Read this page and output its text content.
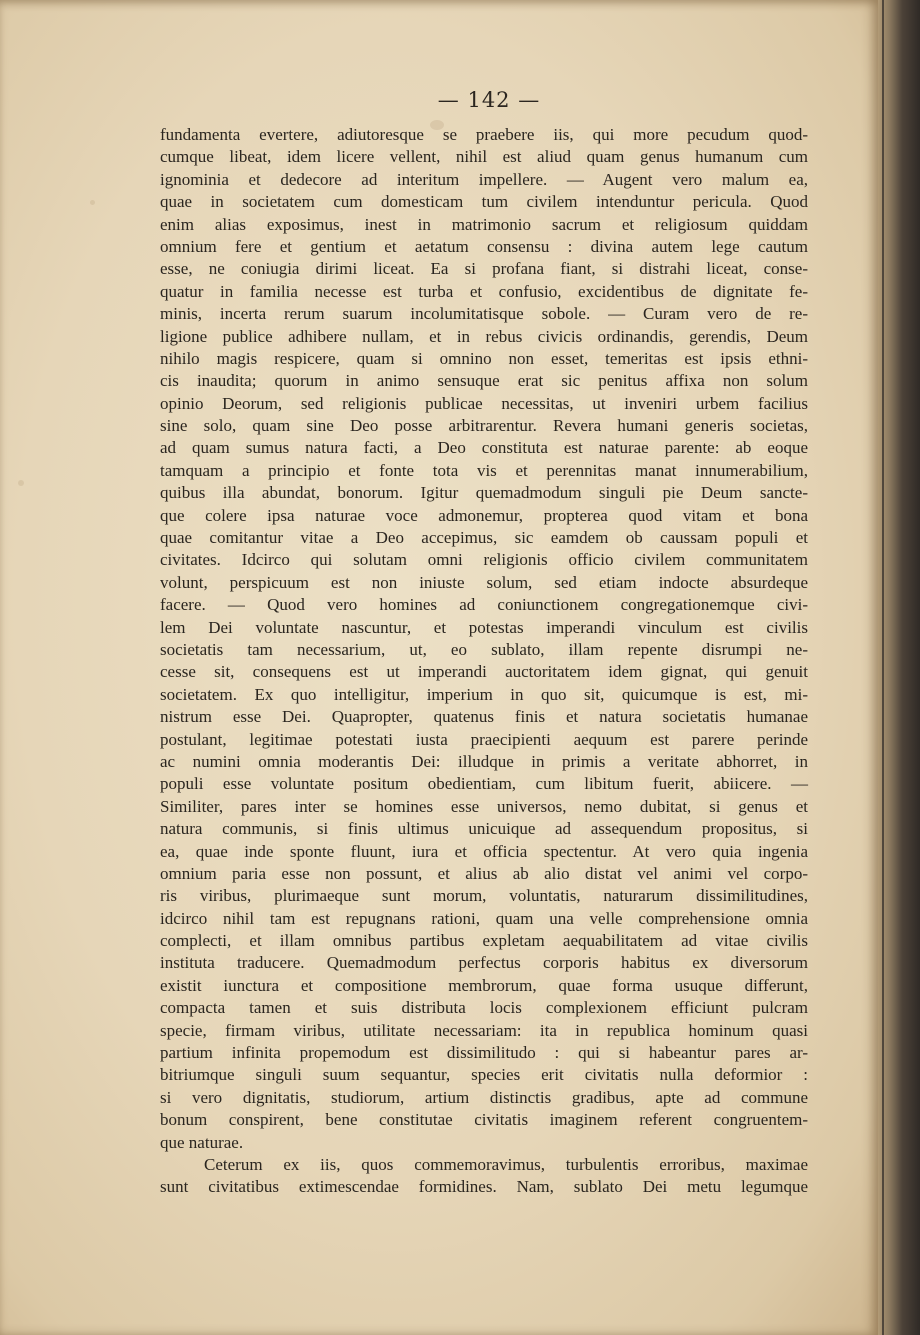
— 142 —
fundamenta evertere, adiutoresque se praebere iis, qui more pecudum quod-
cumque libeat, idem licere vellent, nihil est aliud quam genus humanum cum
ignominia et dedecore ad interitum impellere. — Augent vero malum ea,
quae in societatem cum domesticam tum civilem intenduntur pericula. Quod
enim alias exposimus, inest in matrimonio sacrum et religiosum quiddam
omnium fere et gentium et aetatum consensu : divina autem lege cautum
esse, ne coniugia dirimi liceat. Ea si profana fiant, si distrahi liceat, conse-
quatur in familia necesse est turba et confusio, excidentibus de dignitate fe-
minis, incerta rerum suarum incolumitatisque sobole. — Curam vero de re-
ligione publice adhibere nullam, et in rebus civicis ordinandis, gerendis, Deum
nihilo magis respicere, quam si omnino non esset, temeritas est ipsis ethni-
cis inaudita; quorum in animo sensuque erat sic penitus affixa non solum
opinio Deorum, sed religionis publicae necessitas, ut inveniri urbem facilius
sine solo, quam sine Deo posse arbitrarentur. Revera humani generis societas,
ad quam sumus natura facti, a Deo constituta est naturae parente: ab eoque
tamquam a principio et fonte tota vis et perennitas manat innumerabilium,
quibus illa abundat, bonorum. Igitur quemadmodum singuli pie Deum sancte-
que colere ipsa naturae voce admonemur, propterea quod vitam et bona
quae comitantur vitae a Deo accepimus, sic eamdem ob caussam populi et
civitates. Idcirco qui solutam omni religionis officio civilem communitatem
volunt, perspicuum est non iniuste solum, sed etiam indocte absurdeque
facere. — Quod vero homines ad coniunctionem congregationemque civi-
lem Dei voluntate nascuntur, et potestas imperandi vinculum est civilis
societatis tam necessarium, ut, eo sublato, illam repente disrumpi ne-
cesse sit, consequens est ut imperandi auctoritatem idem gignat, qui genuit
societatem. Ex quo intelligitur, imperium in quo sit, quicumque is est, mi-
nistrum esse Dei. Quapropter, quatenus finis et natura societatis humanae
postulant, legitimae potestati iusta praecipienti aequum est parere perinde
ac numini omnia moderantis Dei: illudque in primis a veritate abhorret, in
populi esse voluntate positum obedientiam, cum libitum fuerit, abiicere. —
Similiter, pares inter se homines esse universos, nemo dubitat, si genus et
natura communis, si finis ultimus unicuique ad assequendum propositus, si
ea, quae inde sponte fluunt, iura et officia spectentur. At vero quia ingenia
omnium paria esse non possunt, et alius ab alio distat vel animi vel corpo-
ris viribus, plurimaeque sunt morum, voluntatis, naturarum dissimilitudines,
idcirco nihil tam est repugnans rationi, quam una velle comprehensione omnia
complecti, et illam omnibus partibus expletam aequabilitatem ad vitae civilis
instituta traducere. Quemadmodum perfectus corporis habitus ex diversorum
existit iunctura et compositione membrorum, quae forma usuque differunt,
compacta tamen et suis distributa locis complexionem efficiunt pulcram
specie, firmam viribus, utilitate necessariam: ita in republica hominum quasi
partium infinita propemodum est dissimilitudo : qui si habeantur pares ar-
bitriumque singuli suum sequantur, species erit civitatis nulla deformior :
si vero dignitatis, studiorum, artium distinctis gradibus, apte ad commune
bonum conspirent, bene constitutae civitatis imaginem referent congruentem-
que naturae.
Ceterum ex iis, quos commemoravimus, turbulentis erroribus, maximae
sunt civitatibus extimescendae formidines. Nam, sublato Dei metu legumque
